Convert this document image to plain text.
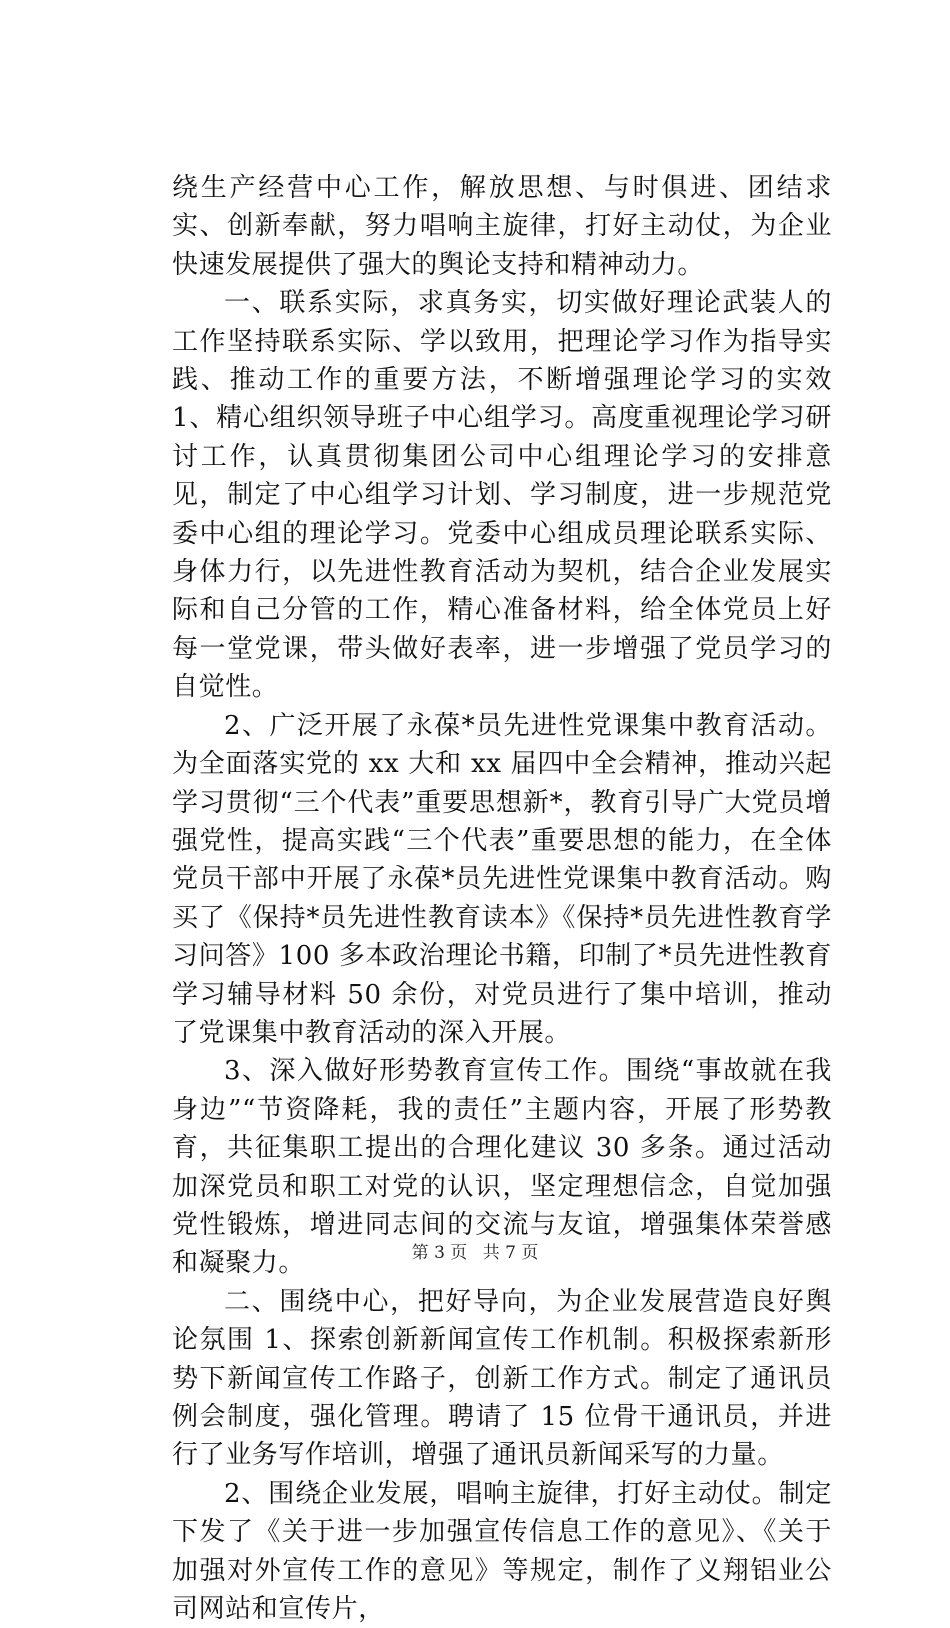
绕生产经营中心工作，解放思想、与时俱进、团结求实、创新奉献，努力唱响主旋律，打好主动仗，为企业快速发展提供了强大的舆论支持和精神动力。

一、联系实际，求真务实，切实做好理论武装人的工作坚持联系实际、学以致用，把理论学习作为指导实践、推动工作的重要方法，不断增强理论学习的实效 1、精心组织领导班子中心组学习。高度重视理论学习研讨工作，认真贯彻集团公司中心组理论学习的安排意见，制定了中心组学习计划、学习制度，进一步规范党委中心组的理论学习。党委中心组成员理论联系实际、身体力行，以先进性教育活动为契机，结合企业发展实际和自己分管的工作，精心准备材料，给全体党员上好每一堂党课，带头做好表率，进一步增强了党员学习的自觉性。

2、广泛开展了永葆*员先进性党课集中教育活动。为全面落实党的 xx 大和 xx 届四中全会精神，推动兴起学习贯彻“三个代表”重要思想新*，教育引导广大党员增强党性，提高实践“三个代表”重要思想的能力，在全体党员干部中开展了永葆*员先进性党课集中教育活动。购买了《保持*员先进性教育读本》《保持*员先进性教育学习问答》100 多本政治理论书籍，印制了*员先进性教育学习辅导材料 50 余份，对党员进行了集中培训，推动了党课集中教育活动的深入开展。

3、深入做好形势教育宣传工作。围绕“事故就在我身边”“节资降耗，我的责任”主题内容，开展了形势教育，共征集职工提出的合理化建议 30 多条。通过活动加深党员和职工对党的认识，坚定理想信念，自觉加强党性锻炼，增进同志间的交流与友谊，增强集体荣誉感和凝聚力。

二、围绕中心，把好导向，为企业发展营造良好舆论氛围 1、探索创新新闻宣传工作机制。积极探索新形势下新闻宣传工作路子，创新工作方式。制定了通讯员例会制度，强化管理。聘请了 15 位骨干通讯员，并进行了业务写作培训，增强了通讯员新闻采写的力量。

2、围绕企业发展，唱响主旋律，打好主动仗。制定下发了《关于进一步加强宣传信息工作的意见》、《关于加强对外宣传工作的意见》等规定，制作了义翔铝业公司网站和宣传片，

第 3 页 共 7 页
